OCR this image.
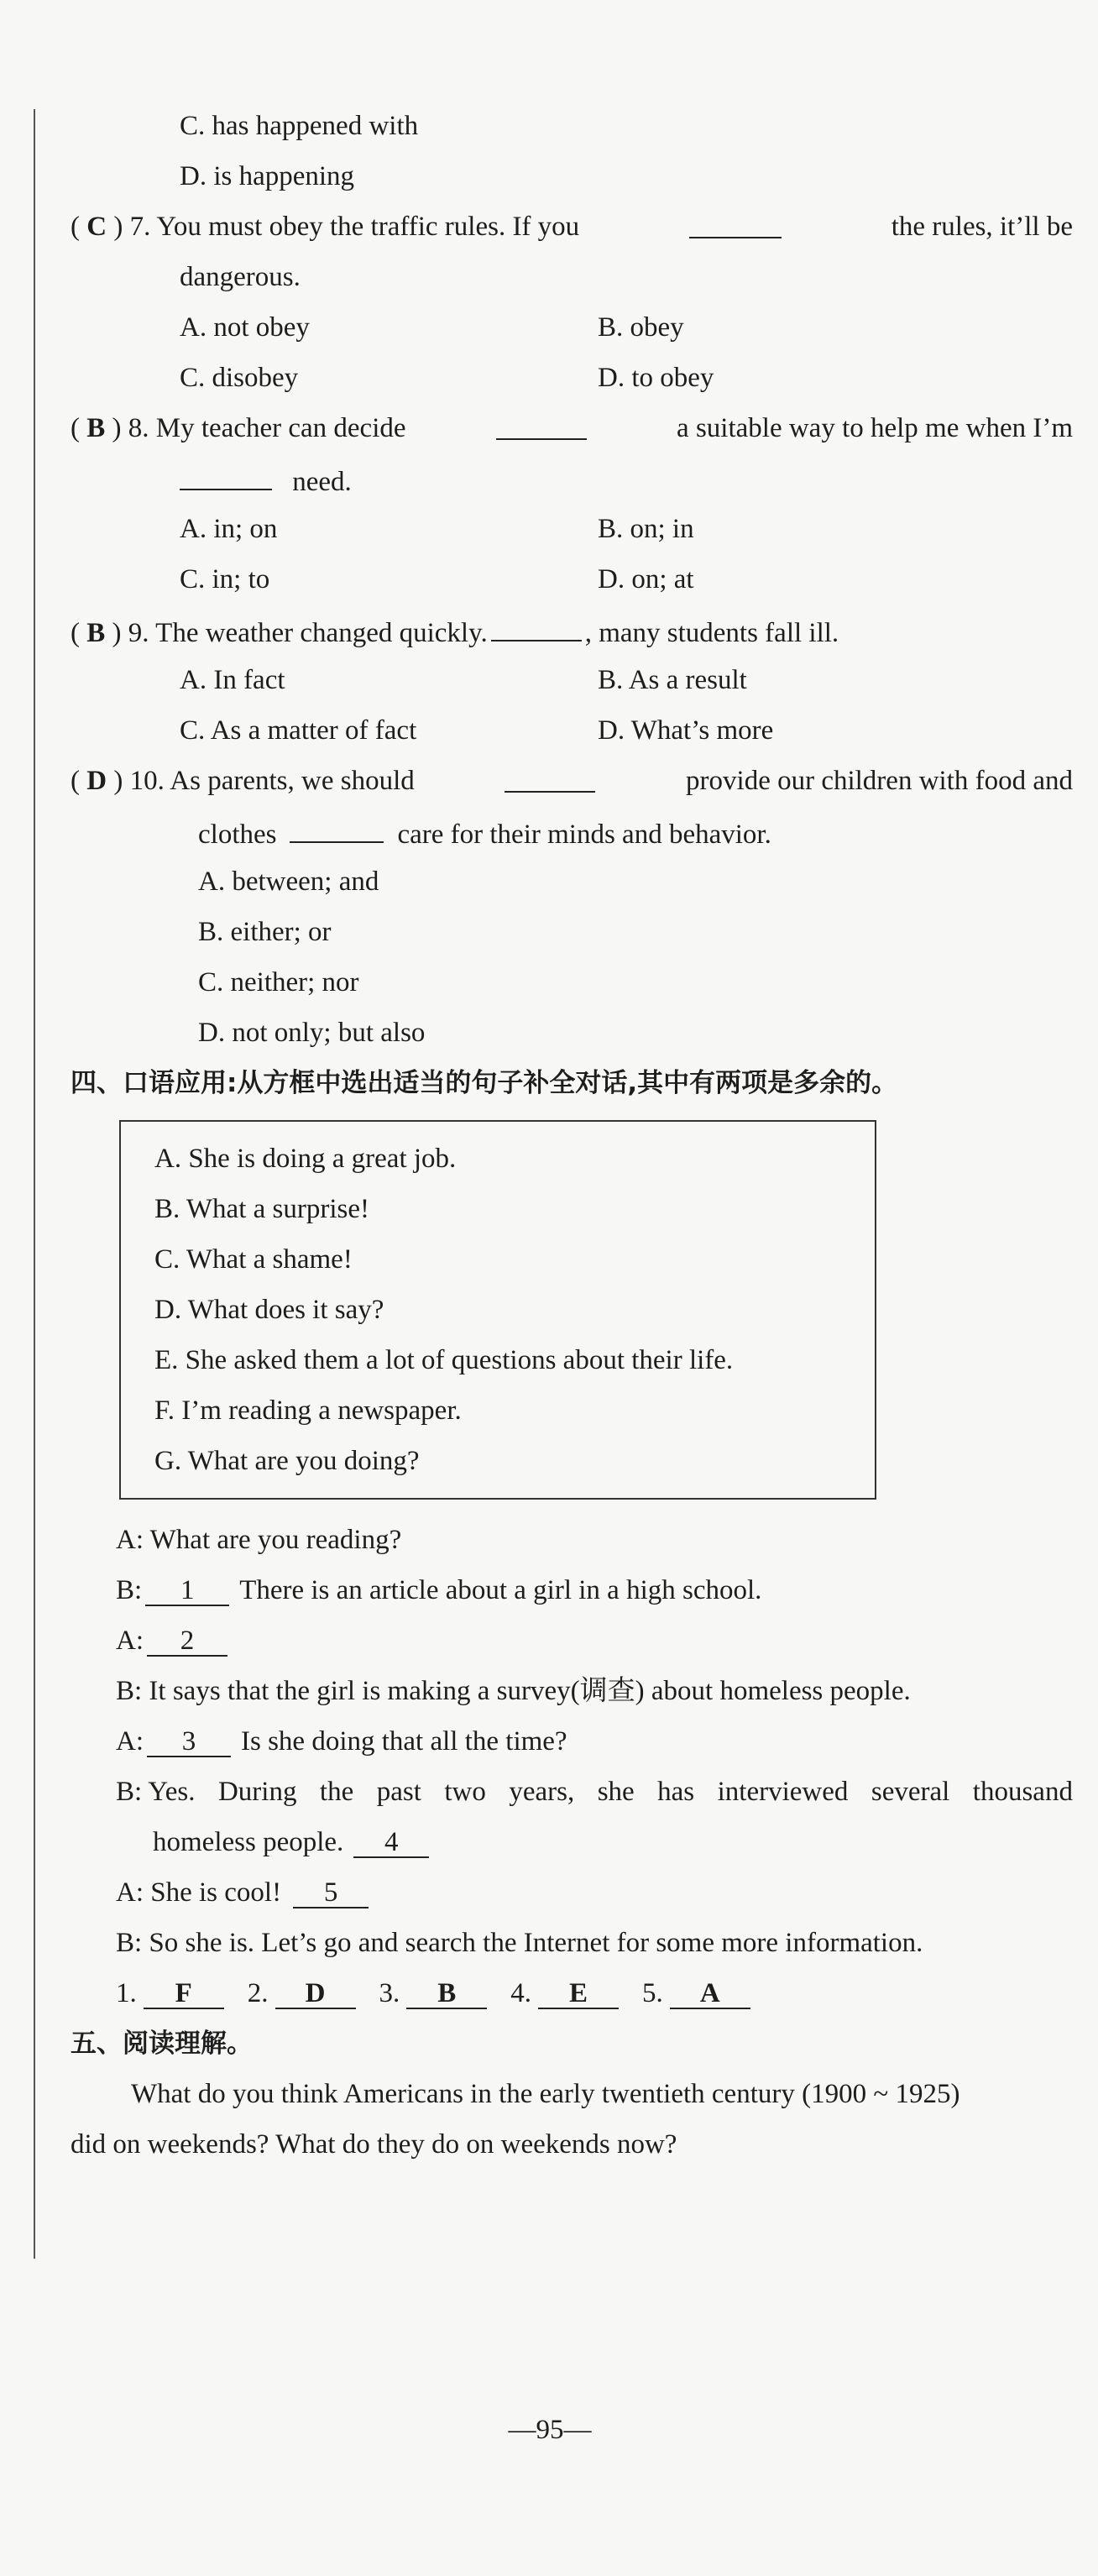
C. has happened with
D. is happening
( C ) 7. You must obey the traffic rules. If you	the rules, it’ll be
dangerous.
A. not obey	B. obey
C. disobey	D. to obey
( B ) 8. My teacher can decide	a suitable way to help me when I’m
need.
A. in; on	B. on; in
C. in; to	D. on; at
( B ) 9. The weather changed quickly.	, many students fall ill.
A. In fact	B. As a result
C. As a matter of fact	D. What’s more
( D ) 10. As parents, we should	provide our children with food and
clothes	care for their minds and behavior.
A. between; and
B. either; or
C. neither; nor
D. not only; but also
四、口语应用:从方框中选出适当的句子补全对话,其中有两项是多余的。
A. She is doing a great job.
B. What a surprise!
C. What a shame!
D. What does it say?
E. She asked them a lot of questions about their life.
F. I’m reading a newspaper.
G. What are you doing?
A: What are you reading?
B: 1 There is an article about a girl in a high school.
A: 2
B: It says that the girl is making a survey(调查) about homeless people.
A: 3 Is she doing that all the time?
B: Yes. During the past two years, she has interviewed several thousand
homeless people. 4
A: She is cool! 5
B: So she is. Let’s go and search the Internet for some more information.
1. F 2. D 3. B 4. E 5. A
五、阅读理解。
What do you think Americans in the early twentieth century (1900 ~ 1925)
did on weekends? What do they do on weekends now?
—95—
